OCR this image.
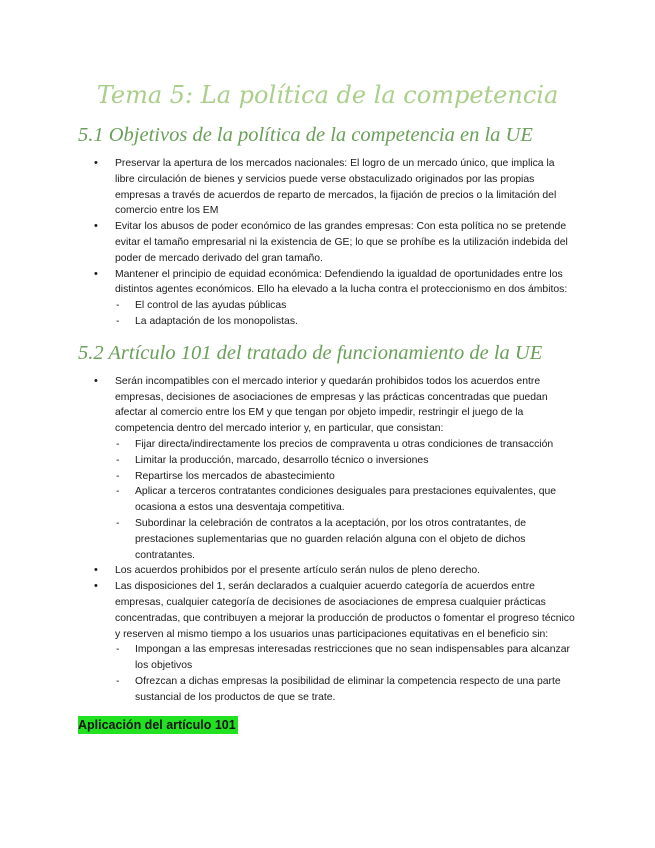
Tema 5: La política de la competencia
5.1 Objetivos de la política de la competencia en la UE
• Preservar la apertura de los mercados nacionales: El logro de un mercado único, que implica la libre circulación de bienes y servicios puede verse obstaculizado originados por las propias empresas a través de acuerdos de reparto de mercados, la fijación de precios o la limitación del comercio entre los EM
• Evitar los abusos de poder económico de las grandes empresas: Con esta política no se pretende evitar el tamaño empresarial ni la existencia de GE; lo que se prohíbe es la utilización indebida del poder de mercado derivado del gran tamaño.
• Mantener el principio de equidad económica: Defendiendo la igualdad de oportunidades entre los distintos agentes económicos. Ello ha elevado a la lucha contra el proteccionismo en dos ámbitos:
- El control de las ayudas públicas
- La adaptación de los monopolistas.
5.2 Artículo 101 del tratado de funcionamiento de la UE
• Serán incompatibles con el mercado interior y quedarán prohibidos todos los acuerdos entre empresas, decisiones de asociaciones de empresas y las prácticas concentradas que puedan afectar al comercio entre los EM y que tengan por objeto impedir, restringir el juego de la competencia dentro del mercado interior y, en particular, que consistan:
- Fijar directa/indirectamente los precios de compraventa u otras condiciones de transacción
- Limitar la producción, marcado, desarrollo técnico o inversiones
- Repartirse los mercados de abastecimiento
- Aplicar a terceros contratantes condiciones desiguales para prestaciones equivalentes, que ocasiona a estos una desventaja competitiva.
- Subordinar la celebración de contratos a la aceptación, por los otros contratantes, de prestaciones suplementarias que no guarden relación alguna con el objeto de dichos contratantes.
• Los acuerdos prohibidos por el presente artículo serán nulos de pleno derecho.
• Las disposiciones del 1, serán declarados a cualquier acuerdo categoría de acuerdos entre empresas, cualquier categoría de decisiones de asociaciones de empresa cualquier prácticas concentradas, que contribuyen a mejorar la producción de productos o fomentar el progreso técnico y reserven al mismo tiempo a los usuarios unas participaciones equitativas en el beneficio sin:
- Impongan a las empresas interesadas restricciones que no sean indispensables para alcanzar los objetivos
- Ofrezcan a dichas empresas la posibilidad de eliminar la competencia respecto de una parte sustancial de los productos de que se trate.
Aplicación del artículo 101
